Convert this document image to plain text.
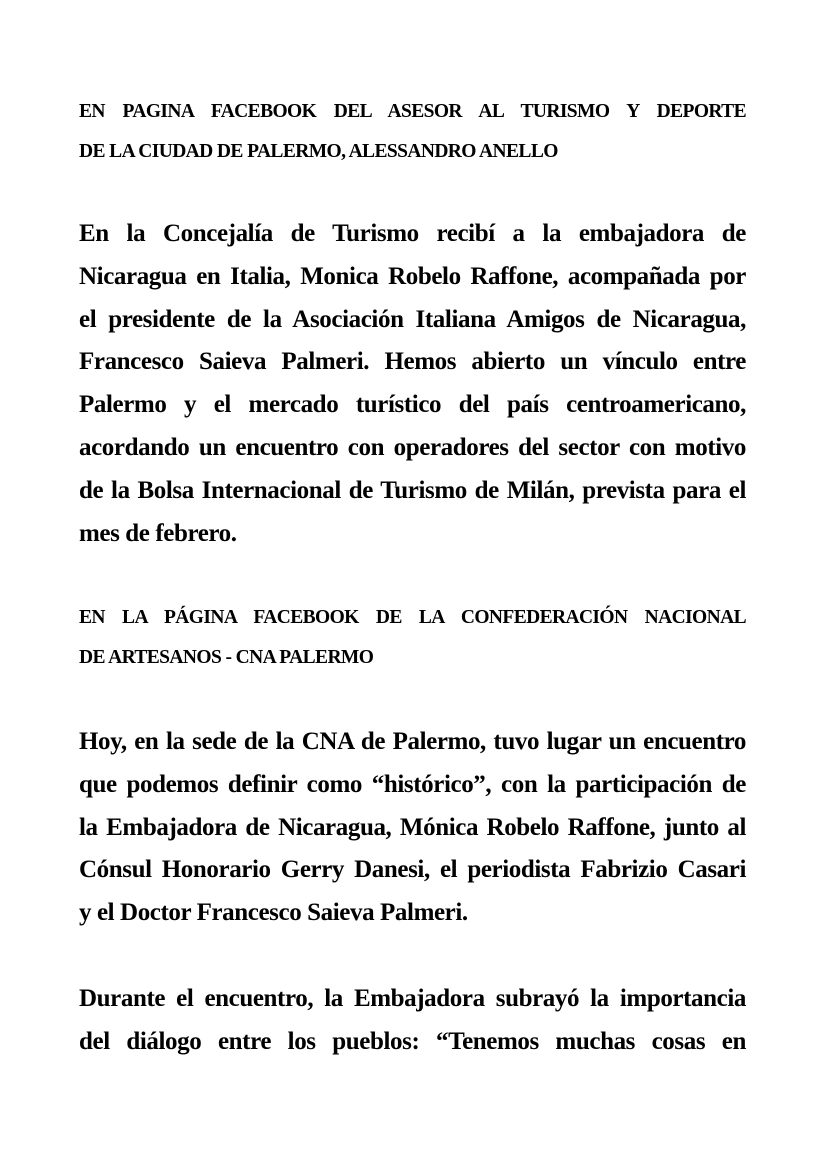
EN PAGINA FACEBOOK DEL ASESOR AL TURISMO Y DEPORTE
DE LA CIUDAD DE PALERMO, ALESSANDRO ANELLO

En la Concejalía de Turismo recibí a la embajadora de
Nicaragua en Italia, Monica Robelo Raffone, acompañada por
el presidente de la Asociación Italiana Amigos de Nicaragua,
Francesco Saieva Palmeri. Hemos abierto un vínculo entre
Palermo y el mercado turístico del país centroamericano,
acordando un encuentro con operadores del sector con motivo
de la Bolsa Internacional de Turismo de Milán, prevista para el
mes de febrero.

EN LA PÁGINA FACEBOOK DE LA CONFEDERACIÓN NACIONAL
DE ARTESANOS - CNA PALERMO

Hoy, en la sede de la CNA de Palermo, tuvo lugar un encuentro
que podemos definir como “histórico”, con la participación de
la Embajadora de Nicaragua, Mónica Robelo Raffone, junto al
Cónsul Honorario Gerry Danesi, el periodista Fabrizio Casari
y el Doctor Francesco Saieva Palmeri.

Durante el encuentro, la Embajadora subrayó la importancia
del diálogo entre los pueblos: “Tenemos muchas cosas en
